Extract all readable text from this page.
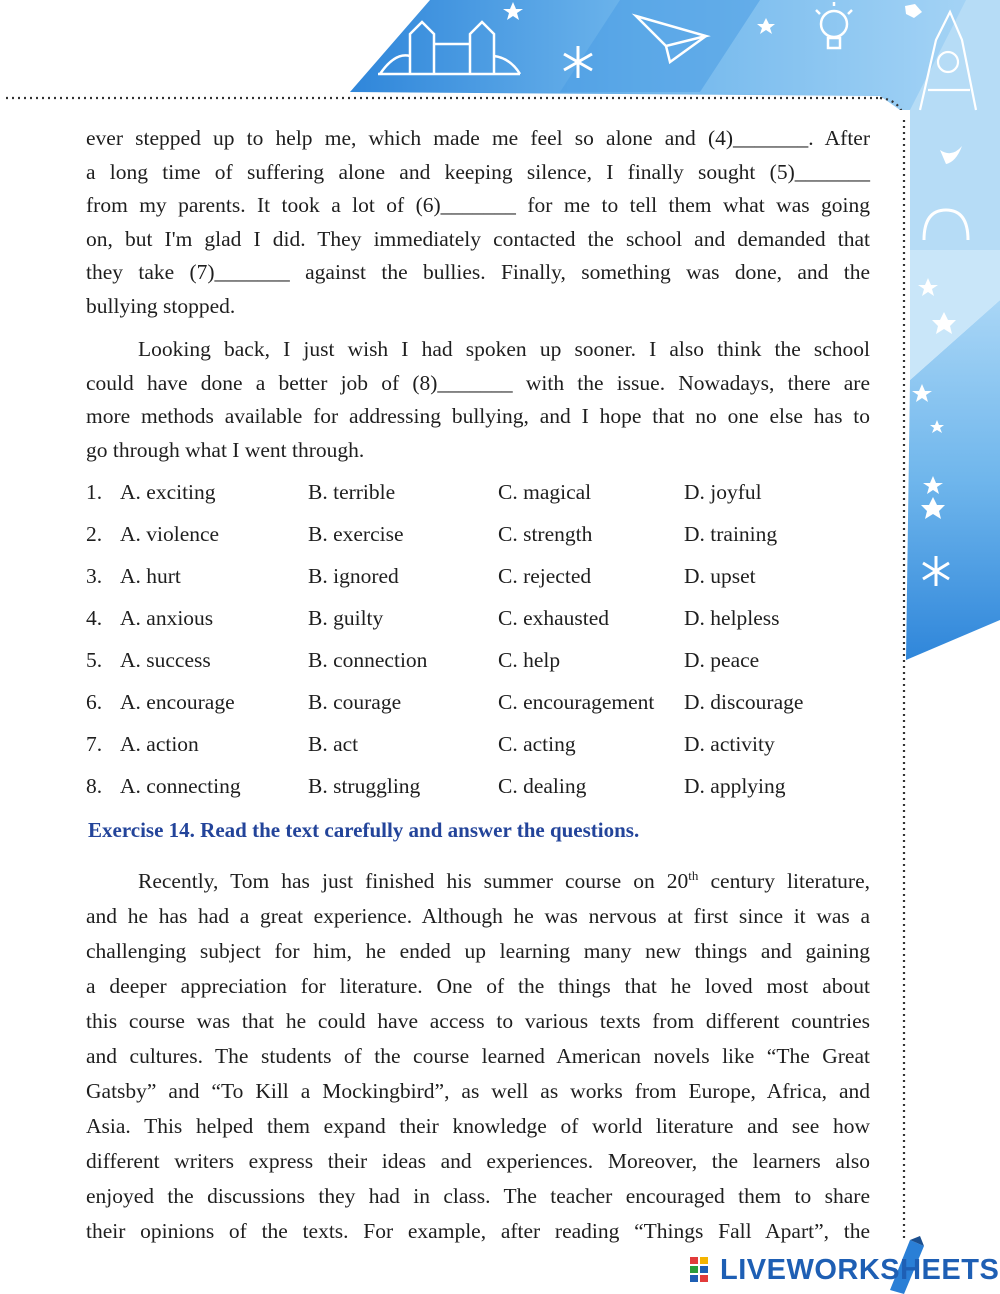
ever stepped up to help me, which made me feel so alone and (4)_______. After
a long time of suffering alone and keeping silence, I finally sought (5)_______
from my parents. It took a lot of (6)_______ for me to tell them what was going
on, but I'm glad I did. They immediately contacted the school and demanded that
they take (7)_______ against the bullies. Finally, something was done, and the
bullying stopped.
Looking back, I just wish I had spoken up sooner. I also think the school
could have done a better job of (8)_______ with the issue. Nowadays, there are
more methods available for addressing bullying, and I hope that no one else has to
go through what I went through.
1. A. exciting	B. terrible	C. magical	D. joyful
2. A. violence	B. exercise	C. strength	D. training
3. A. hurt	B. ignored	C. rejected	D. upset
4. A. anxious	B. guilty	C. exhausted	D. helpless
5. A. success	B. connection	C. help	D. peace
6. A. encourage	B. courage	C. encouragement D. discourage
7. A. action	B. act	C. acting	D. activity
8. A. connecting	B. struggling	C. dealing	D. applying
Exercise 14. Read the text carefully and answer the questions.
Recently, Tom has just finished his summer course on 20th century literature,
and he has had a great experience. Although he was nervous at first since it was a
challenging subject for him, he ended up learning many new things and gaining
a deeper appreciation for literature. One of the things that he loved most about
this course was that he could have access to various texts from different countries
and cultures. The students of the course learned American novels like “The Great
Gatsby” and “To Kill a Mockingbird”, as well as works from Europe, Africa, and
Asia. This helped them expand their knowledge of world literature and see how
different writers express their ideas and experiences. Moreover, the learners also
enjoyed the discussions they had in class. The teacher encouraged them to share
their opinions of the texts. For example, after reading “Things Fall Apart”, the
LIVEWORKSHEETS
